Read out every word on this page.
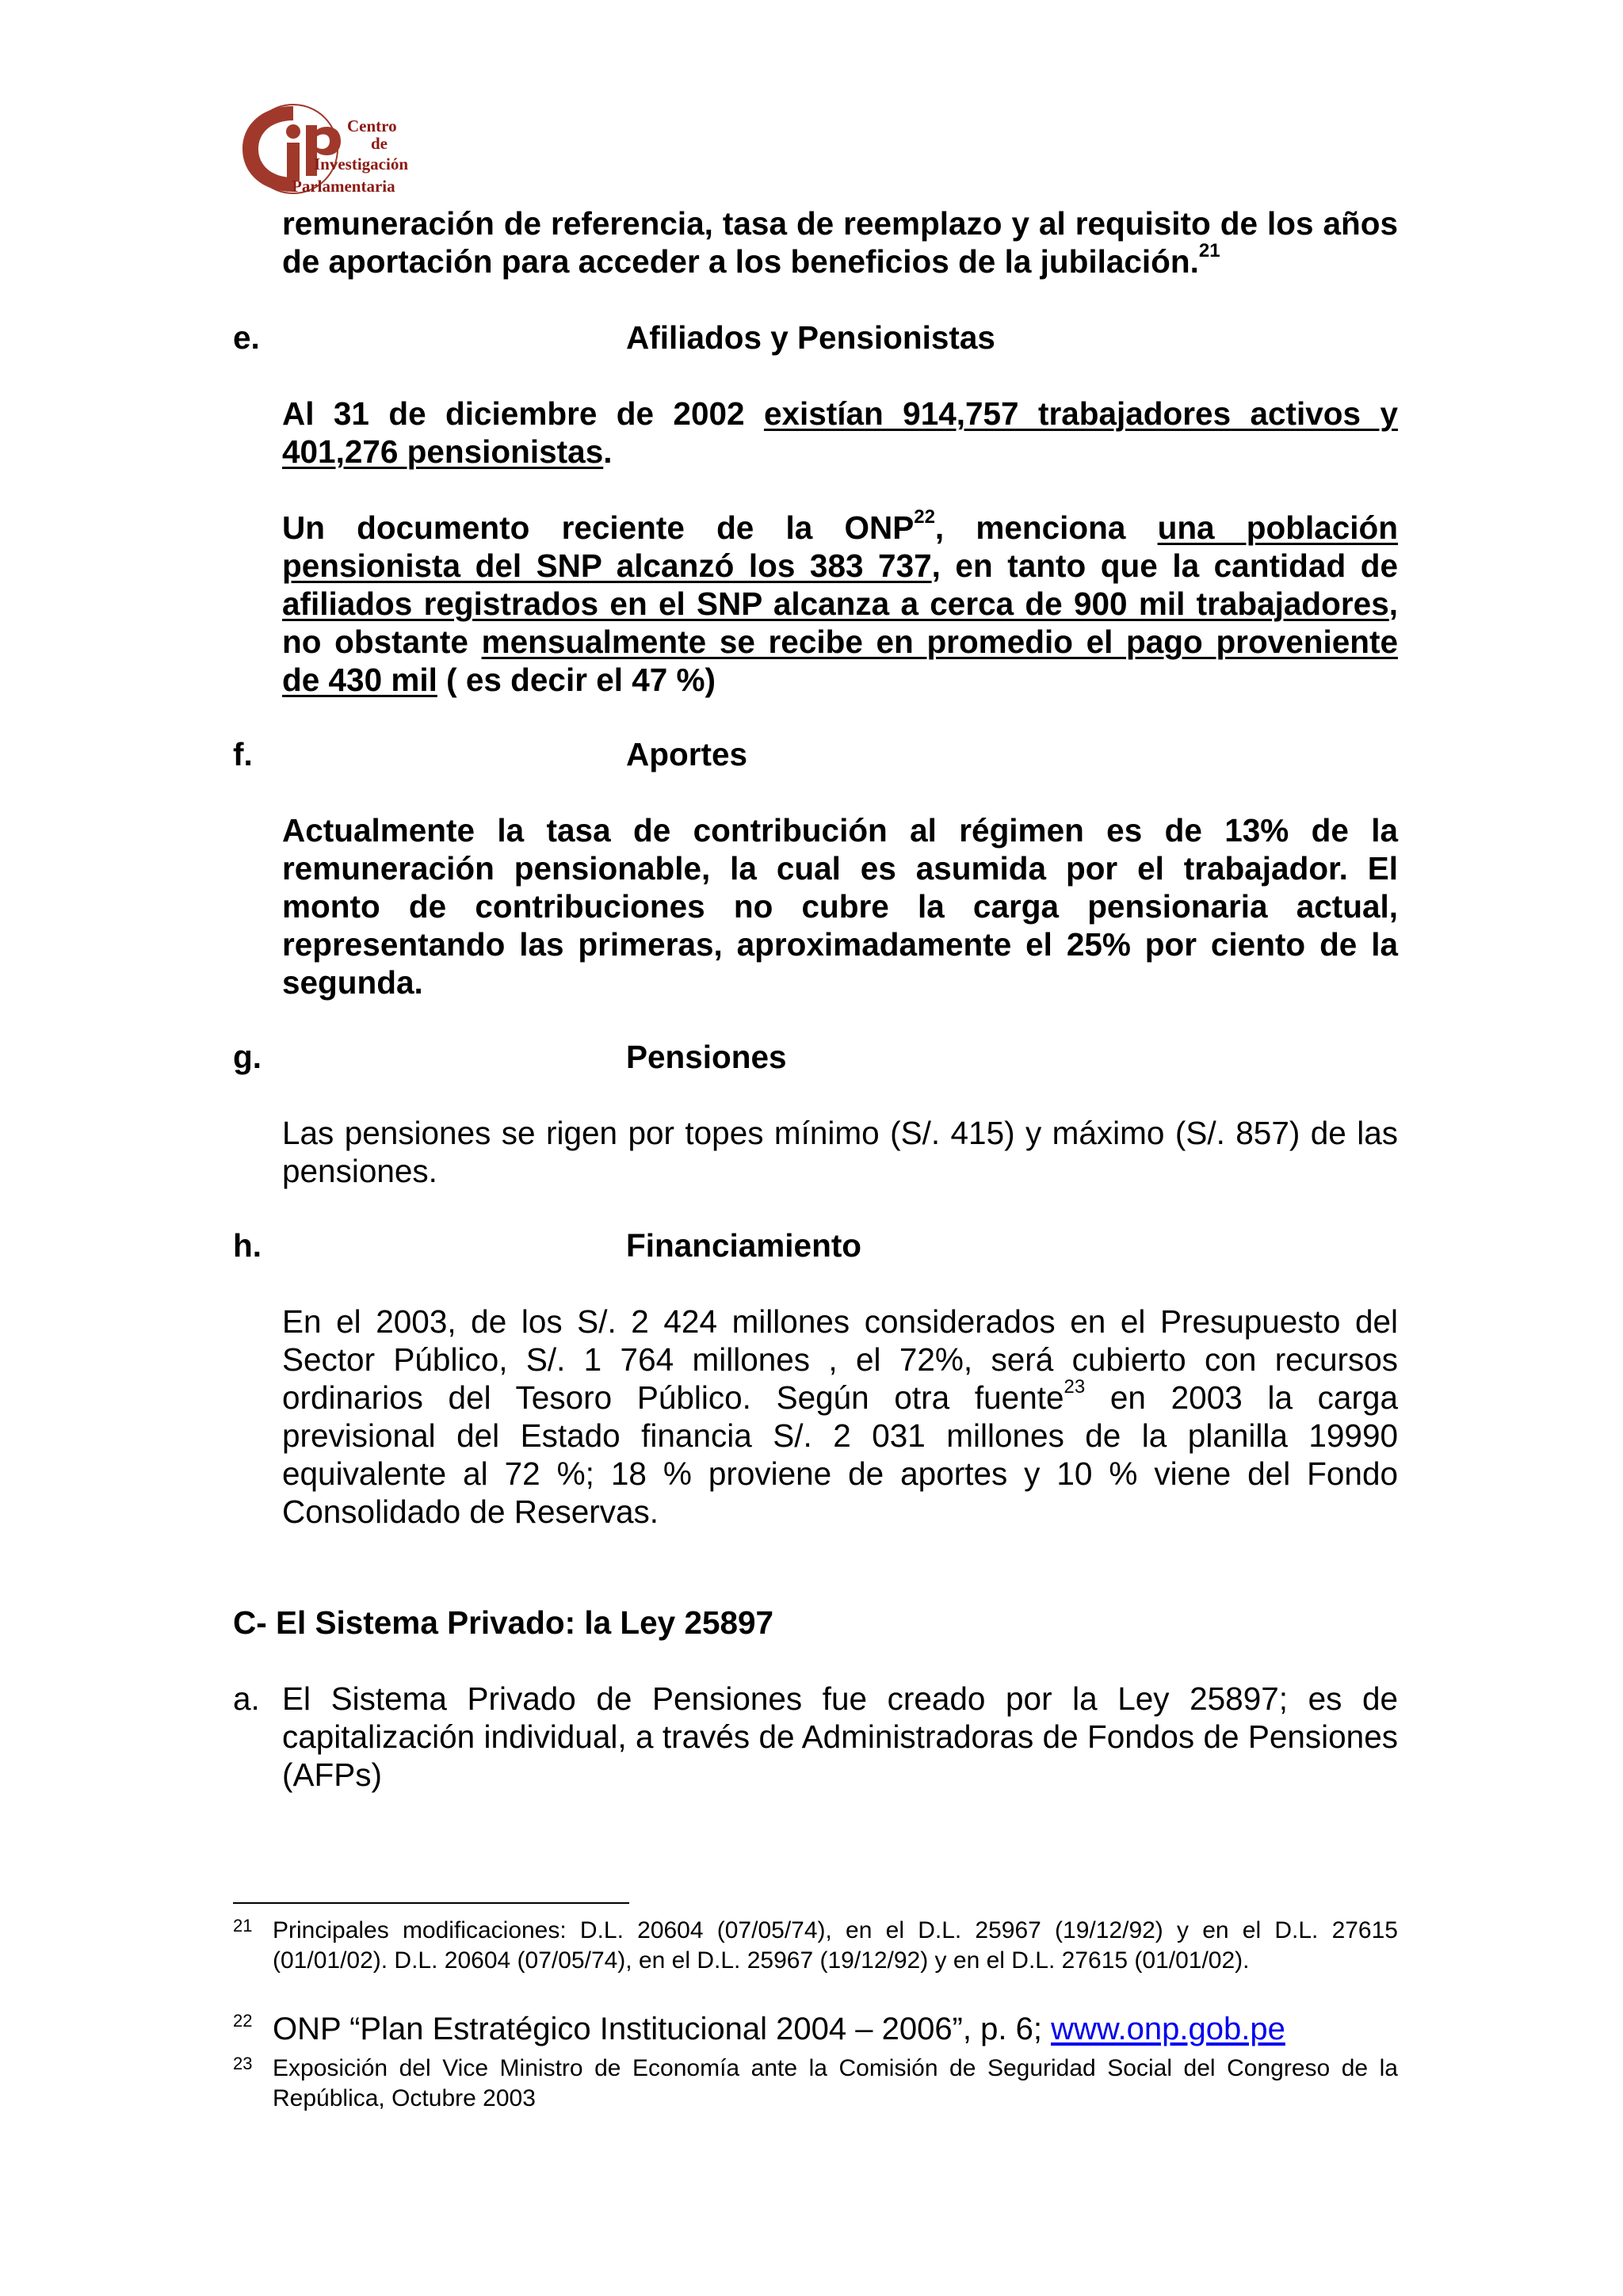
Centro
de
Investigación
Parlamentaria
remuneración de referencia, tasa de reemplazo y al requisito de los años de aportación para acceder a los beneficios de la jubilación.$^{21}$
e.	Afiliados y Pensionistas
Al 31 de diciembre de 2002 existían 914,757 trabajadores activos y 401,276 pensionistas.
Un documento reciente de la ONP$^{22}$, menciona una población pensionista del SNP alcanzó los 383 737, en tanto que la cantidad de afiliados registrados en el SNP alcanza a cerca de 900 mil trabajadores, no obstante mensualmente se recibe en promedio el pago proveniente de 430 mil ( es decir el 47 %)
f.	Aportes
Actualmente la tasa de contribución al régimen es de 13% de la remuneración pensionable, la cual es asumida por el trabajador. El monto de contribuciones no cubre la carga pensionaria actual, representando las primeras, aproximadamente el 25% por ciento de la segunda.
g.	Pensiones
Las pensiones se rigen por topes mínimo (S/. 415) y máximo (S/. 857) de las pensiones.
h.	Financiamiento
En el 2003, de los S/. 2 424 millones considerados en el Presupuesto del Sector Público, S/. 1 764 millones , el 72%, será cubierto con recursos ordinarios del Tesoro Público. Según otra fuente$^{23}$ en 2003 la carga previsional del Estado financia S/. 2 031 millones de la planilla 19990 equivalente al 72 %; 18 % proviene de aportes y 10 % viene del Fondo Consolidado de Reservas.
C- El Sistema Privado: la Ley 25897
a. El Sistema Privado de Pensiones fue creado por la Ley 25897; es de capitalización individual, a través de Administradoras de Fondos de Pensiones (AFPs)
21 Principales modificaciones: D.L. 20604 (07/05/74), en el D.L. 25967 (19/12/92) y en el D.L. 27615 (01/01/02). D.L. 20604 (07/05/74), en el D.L. 25967 (19/12/92) y en el D.L. 27615 (01/01/02).
22 ONP “Plan Estratégico Institucional 2004 – 2006”, p. 6; www.onp.gob.pe
23 Exposición del Vice Ministro de Economía ante la Comisión de Seguridad Social del Congreso de la República, Octubre 2003
